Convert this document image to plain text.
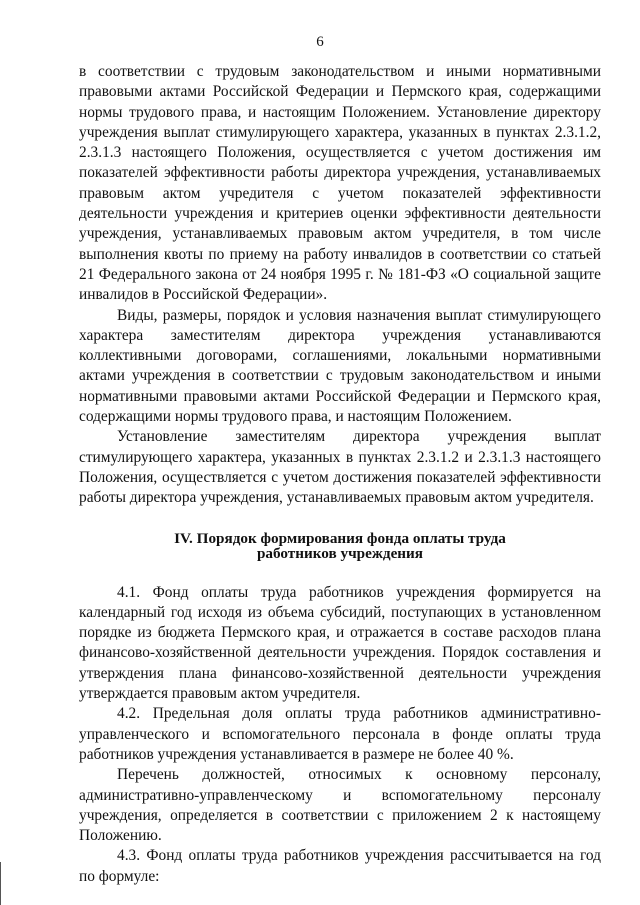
6

в соответствии с трудовым законодательством и иными нормативными правовыми актами Российской Федерации и Пермского края, содержащими нормы трудового права, и настоящим Положением. Установление директору учреждения выплат стимулирующего характера, указанных в пунктах 2.3.1.2, 2.3.1.3 настоящего Положения, осуществляется с учетом достижения им показателей эффективности работы директора учреждения, устанавливаемых правовым актом учредителя с учетом показателей эффективности деятельности учреждения и критериев оценки эффективности деятельности учреждения, устанавливаемых правовым актом учредителя, в том числе выполнения квоты по приему на работу инвалидов в соответствии со статьей 21 Федерального закона от 24 ноября 1995 г. № 181-ФЗ «О социальной защите инвалидов в Российской Федерации».

Виды, размеры, порядок и условия назначения выплат стимулирующего характера заместителям директора учреждения устанавливаются коллективными договорами, соглашениями, локальными нормативными актами учреждения в соответствии с трудовым законодательством и иными нормативными правовыми актами Российской Федерации и Пермского края, содержащими нормы трудового права, и настоящим Положением.

Установление заместителям директора учреждения выплат стимулирующего характера, указанных в пунктах 2.3.1.2 и 2.3.1.3 настоящего Положения, осуществляется с учетом достижения показателей эффективности работы директора учреждения, устанавливаемых правовым актом учредителя.

IV. Порядок формирования фонда оплаты труда
работников учреждения

4.1. Фонд оплаты труда работников учреждения формируется на календарный год исходя из объема субсидий, поступающих в установленном порядке из бюджета Пермского края, и отражается в составе расходов плана финансово-хозяйственной деятельности учреждения. Порядок составления и утверждения плана финансово-хозяйственной деятельности учреждения утверждается правовым актом учредителя.

4.2. Предельная доля оплаты труда работников административно-управленческого и вспомогательного персонала в фонде оплаты труда работников учреждения устанавливается в размере не более 40 %.

Перечень должностей, относимых к основному персоналу, административно-управленческому и вспомогательному персоналу учреждения, определяется в соответствии с приложением 2 к настоящему Положению.

4.3. Фонд оплаты труда работников учреждения рассчитывается на год по формуле:
